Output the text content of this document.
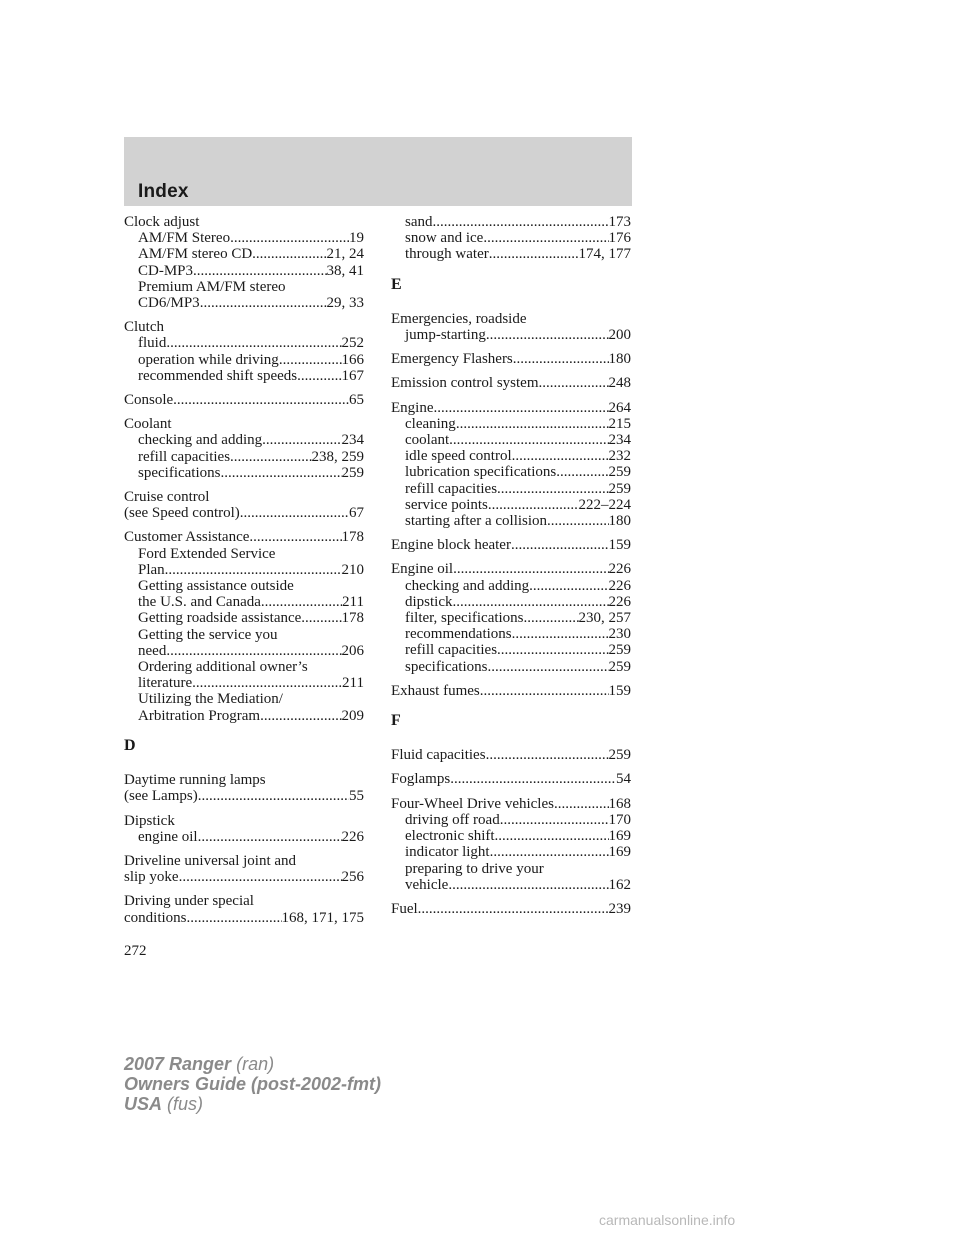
Index
Clock adjust
AM/FM Stereo .....	19
AM/FM stereo CD .....	21, 24
CD-MP3 .....	38, 41
Premium AM/FM stereo
CD6/MP3 .....	29, 33
Clutch
fluid .....	252
operation while driving .....	166
recommended shift speeds .....	167
Console .....	65
Coolant
checking and adding .....	234
refill capacities .....	238, 259
specifications .....	259
Cruise control
(see Speed control) .....	67
Customer Assistance .....	178
Ford Extended Service
Plan .....	210
Getting assistance outside
the U.S. and Canada .....	211
Getting roadside assistance .....	178
Getting the service you
need .....	206
Ordering additional owner’s
literature .....	211
Utilizing the Mediation/
Arbitration Program .....	209
D
Daytime running lamps
(see Lamps) .....	55
Dipstick
engine oil .....	226
Driveline universal joint and
slip yoke .....	256
Driving under special
conditions .....	168, 171, 175
sand .....	173
snow and ice .....	176
through water .....	174, 177
E
Emergencies, roadside
jump-starting .....	200
Emergency Flashers .....	180
Emission control system .....	248
Engine .....	264
cleaning .....	215
coolant .....	234
idle speed control .....	232
lubrication specifications .....	259
refill capacities .....	259
service points .....	222–224
starting after a collision .....	180
Engine block heater .....	159
Engine oil .....	226
checking and adding .....	226
dipstick .....	226
filter, specifications .....	230, 257
recommendations .....	230
refill capacities .....	259
specifications .....	259
Exhaust fumes .....	159
F
Fluid capacities .....	259
Foglamps .....	54
Four-Wheel Drive vehicles .....	168
driving off road .....	170
electronic shift .....	169
indicator light .....	169
preparing to drive your
vehicle .....	162
Fuel .....	239
272
2007 Ranger (ran)
Owners Guide (post-2002-fmt)
USA (fus)
carmanualsonline.info
